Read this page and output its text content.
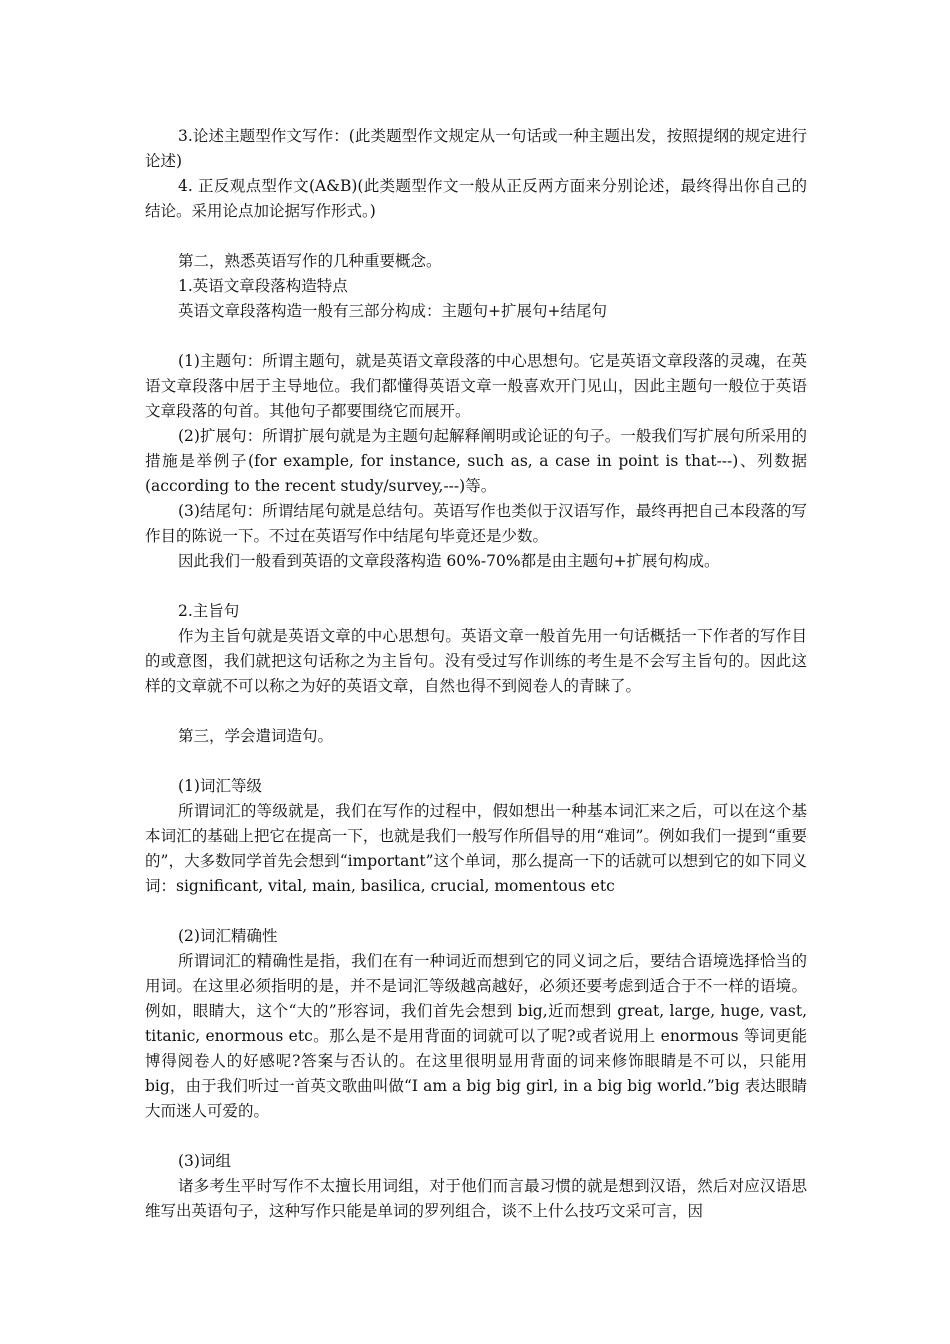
3.论述主题型作文写作：(此类题型作文规定从一句话或一种主题出发，按照提纲的规定进行论述)

4. 正反观点型作文(A&B)(此类题型作文一般从正反两方面来分别论述，最终得出你自己的结论。采用论点加论据写作形式。)

第二，熟悉英语写作的几种重要概念。

1.英语文章段落构造特点

英语文章段落构造一般有三部分构成：主题句+扩展句+结尾句

(1)主题句：所谓主题句，就是英语文章段落的中心思想句。它是英语文章段落的灵魂，在英语文章段落中居于主导地位。我们都懂得英语文章一般喜欢开门见山，因此主题句一般位于英语文章段落的句首。其他句子都要围绕它而展开。

(2)扩展句：所谓扩展句就是为主题句起解释阐明或论证的句子。一般我们写扩展句所采用的措施是举例子(for example, for instance, such as, a case in point is that---)、列数据(according to the recent study/survey,---)等。

(3)结尾句：所谓结尾句就是总结句。英语写作也类似于汉语写作，最终再把自己本段落的写作目的陈说一下。不过在英语写作中结尾句毕竟还是少数。

因此我们一般看到英语的文章段落构造 60%-70%都是由主题句+扩展句构成。

2.主旨句

作为主旨句就是英语文章的中心思想句。英语文章一般首先用一句话概括一下作者的写作目的或意图，我们就把这句话称之为主旨句。没有受过写作训练的考生是不会写主旨句的。因此这样的文章就不可以称之为好的英语文章，自然也得不到阅卷人的青睐了。

第三，学会遣词造句。

(1)词汇等级

所谓词汇的等级就是，我们在写作的过程中，假如想出一种基本词汇来之后，可以在这个基本词汇的基础上把它在提高一下，也就是我们一般写作所倡导的用“难词”。例如我们一提到“重要的”，大多数同学首先会想到“important”这个单词，那么提高一下的话就可以想到它的如下同义词：significant, vital, main, basilica, crucial, momentous etc

(2)词汇精确性

所谓词汇的精确性是指，我们在有一种词近而想到它的同义词之后，要结合语境选择恰当的用词。在这里必须指明的是，并不是词汇等级越高越好，必须还要考虑到适合于不一样的语境。例如，眼睛大，这个“大的”形容词，我们首先会想到 big,近而想到 great, large, huge, vast, titanic, enormous etc。那么是不是用背面的词就可以了呢?或者说用上 enormous 等词更能博得阅卷人的好感呢?答案与否认的。在这里很明显用背面的词来修饰眼睛是不可以，只能用 big，由于我们听过一首英文歌曲叫做“I am a big big girl, in a big big world.”big 表达眼睛大而迷人可爱的。

(3)词组

诸多考生平时写作不太擅长用词组，对于他们而言最习惯的就是想到汉语，然后对应汉语思维写出英语句子，这种写作只能是单词的罗列组合，谈不上什么技巧文采可言，因
